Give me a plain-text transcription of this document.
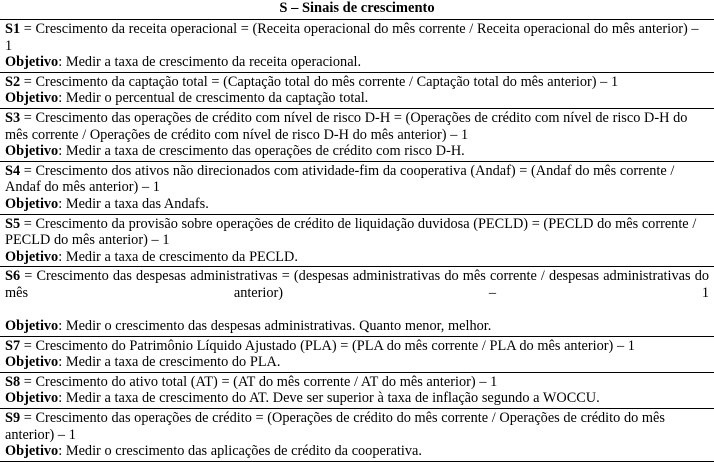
S – Sinais de crescimento

S1 = Crescimento da receita operacional = (Receita operacional do mês corrente / Receita operacional do mês anterior) – 1

Objetivo: Medir a taxa de crescimento da receita operacional.

S2 = Crescimento da captação total = (Captação total do mês corrente / Captação total do mês anterior) – 1

Objetivo: Medir o percentual de crescimento da captação total.

S3 = Crescimento das operações de crédito com nível de risco D-H = (Operações de crédito com nível de risco D-H do mês corrente / Operações de crédito com nível de risco D-H do mês anterior) – 1

Objetivo: Medir a taxa de crescimento das operações de crédito com risco D-H.

S4 = Crescimento dos ativos não direcionados com atividade-fim da cooperativa (Andaf) = (Andaf do mês corrente / Andaf do mês anterior) – 1

Objetivo: Medir a taxa das Andafs.

S5 = Crescimento da provisão sobre operações de crédito de liquidação duvidosa (PECLD) = (PECLD do mês corrente / PECLD do mês anterior) – 1

Objetivo: Medir a taxa de crescimento da PECLD.

S6 = Crescimento das despesas administrativas = (despesas administrativas do mês corrente / despesas administrativas do mês anterior) – 1

Objetivo: Medir o crescimento das despesas administrativas. Quanto menor, melhor.

S7 = Crescimento do Patrimônio Líquido Ajustado (PLA) = (PLA do mês corrente / PLA do mês anterior) – 1

Objetivo: Medir a taxa de crescimento do PLA.

S8 = Crescimento do ativo total (AT) = (AT do mês corrente / AT do mês anterior) – 1

Objetivo: Medir a taxa de crescimento do AT. Deve ser superior à taxa de inflação segundo a WOCCU.

S9 = Crescimento das operações de crédito = (Operações de crédito do mês corrente / Operações de crédito do mês anterior) – 1

Objetivo: Medir o crescimento das aplicações de crédito da cooperativa.
